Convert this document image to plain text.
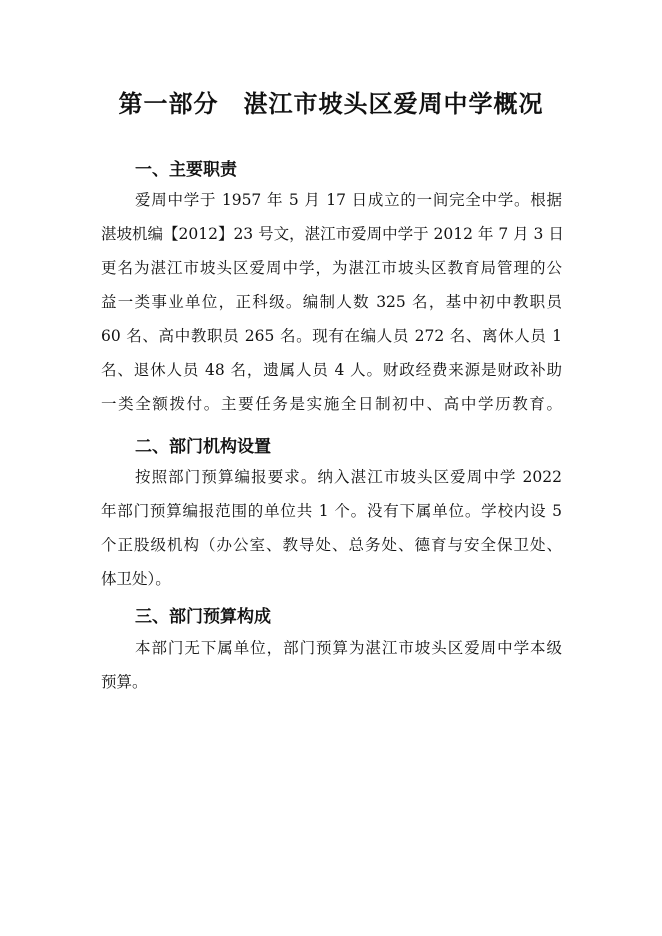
第一部分　湛江市坡头区爱周中学概况
一、主要职责
爱周中学于 1957 年 5 月 17 日成立的一间完全中学。根据
湛坡机编【2012】23 号文，湛江市爱周中学于 2012 年 7 月 3 日
更名为湛江市坡头区爱周中学，为湛江市坡头区教育局管理的公
益一类事业单位，正科级。编制人数 325 名，基中初中教职员
60 名、高中教职员 265 名。现有在编人员 272 名、离休人员 1
名、退休人员 48 名，遗属人员 4 人。财政经费来源是财政补助
一类全额拨付。主要任务是实施全日制初中、高中学历教育。
二、部门机构设置
按照部门预算编报要求。纳入湛江市坡头区爱周中学 2022
年部门预算编报范围的单位共 1 个。没有下属单位。学校内设 5
个正股级机构（办公室、教导处、总务处、德育与安全保卫处、
体卫处）。
三、部门预算构成
本部门无下属单位，部门预算为湛江市坡头区爱周中学本级
预算。
